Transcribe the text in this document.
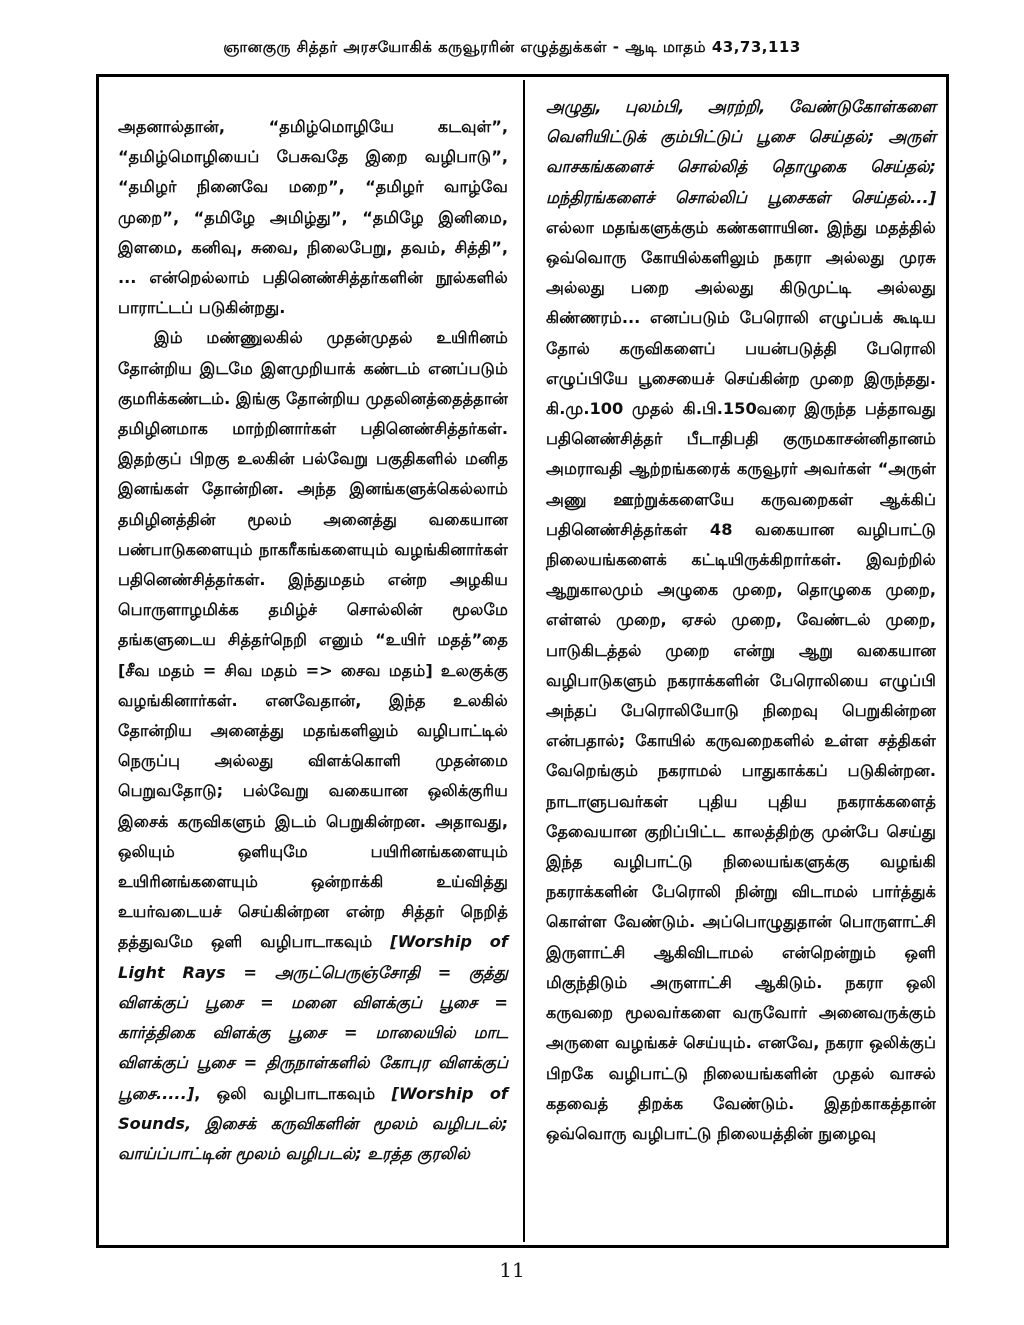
ஞானகுரு சித்தர் அரசயோகிக் கருவூரரின் எழுத்துக்கள் - ஆடி மாதம் 43,73,113

அதனால்தான், “தமிழ்மொழியே கடவுள்”, “தமிழ்மொழியைப் பேசுவதே இறை வழிபாடு”, “தமிழர் நினைவே மறை”, “தமிழர் வாழ்வே முறை”, “தமிழே அமிழ்து”, “தமிழே இனிமை, இளமை, கனிவு, சுவை, நிலைபேறு, தவம், சித்தி”, ... என்றெல்லாம் பதினெண்சித்தர்களின் நூல்களில் பாராட்டப் படுகின்றது.

இம் மண்ணுலகில் முதன்முதல் உயிரினம் தோன்றிய இடமே இளமுறியாக் கண்டம் எனப்படும் குமரிக்கண்டம். இங்கு தோன்றிய முதலினத்தைத்தான் தமிழினமாக மாற்றினார்கள் பதினெண்சித்தர்கள். இதற்குப் பிறகு உலகின் பல்வேறு பகுதிகளில் மனித இனங்கள் தோன்றின. அந்த இனங்களுக்கெல்லாம் தமிழினத்தின் மூலம் அனைத்து வகையான பண்பாடுகளையும் நாகரீகங்களையும் வழங்கினார்கள் பதினெண்சித்தர்கள். இந்துமதம் என்ற அழகிய பொருளாழமிக்க தமிழ்ச் சொல்லின் மூலமே தங்களுடைய சித்தர்நெறி எனும் “உயிர் மதத்”தை [சீவ மதம் = சிவ மதம் => சைவ மதம்] உலகுக்கு வழங்கினார்கள். எனவேதான், இந்த உலகில் தோன்றிய அனைத்து மதங்களிலும் வழிபாட்டில் நெருப்பு அல்லது விளக்கொளி முதன்மை பெறுவதோடு; பல்வேறு வகையான ஒலிக்குரிய இசைக் கருவிகளும் இடம் பெறுகின்றன. அதாவது, ஒலியும் ஒளியுமே பயிரினங்களையும் உயிரினங்களையும் ஒன்றாக்கி உய்வித்து உயர்வடையச் செய்கின்றன என்ற சித்தர் நெறித் தத்துவமே ஒளி வழிபாடாகவும் [Worship of Light Rays = அருட்பெருஞ்சோதி = குத்து விளக்குப் பூசை = மனை விளக்குப் பூசை = கார்த்திகை விளக்கு பூசை = மாலையில் மாட விளக்குப் பூசை = திருநாள்களில் கோபுர விளக்குப் பூசை.....], ஒலி வழிபாடாகவும் [Worship of Sounds, இசைக் கருவிகளின் மூலம் வழிபடல்; வாய்ப்பாட்டின் மூலம் வழிபடல்; உரத்த குரலில்

அழுது, புலம்பி, அரற்றி, வேண்டுகோள்களை வெளியிட்டுக் கும்பிட்டுப் பூசை செய்தல்; அருள் வாசகங்களைச் சொல்லித் தொழுகை செய்தல்; மந்திரங்களைச் சொல்லிப் பூசைகள் செய்தல்...] எல்லா மதங்களுக்கும் கண்களாயின. இந்து மதத்தில் ஒவ்வொரு கோயில்களிலும் நகரா அல்லது முரசு அல்லது பறை அல்லது கிடுமுட்டி அல்லது கிண்ணரம்... எனப்படும் பேரொலி எழுப்பக் கூடிய தோல் கருவிகளைப் பயன்படுத்தி பேரொலி எழுப்பியே பூசையைச் செய்கின்ற முறை இருந்தது. கி.மு.100 முதல் கி.பி.150வரை இருந்த பத்தாவது பதினெண்சித்தர் பீடாதிபதி குருமகாசன்னிதானம் அமராவதி ஆற்றங்கரைக் கருவூரர் அவர்கள் “அருள் அணு ஊற்றுக்களையே கருவறைகள் ஆக்கிப் பதினெண்சித்தர்கள் 48 வகையான வழிபாட்டு நிலையங்களைக் கட்டியிருக்கிறார்கள். இவற்றில் ஆறுகாலமும் அழுகை முறை, தொழுகை முறை, எள்ளல் முறை, ஏசல் முறை, வேண்டல் முறை, பாடுகிடத்தல் முறை என்று ஆறு வகையான வழிபாடுகளும் நகராக்களின் பேரொலியை எழுப்பி அந்தப் பேரொலியோடு நிறைவு பெறுகின்றன என்பதால்; கோயில் கருவறைகளில் உள்ள சத்திகள் வேறெங்கும் நகராமல் பாதுகாக்கப் படுகின்றன. நாடாளுபவர்கள் புதிய புதிய நகராக்களைத் தேவையான குறிப்பிட்ட காலத்திற்கு முன்பே செய்து இந்த வழிபாட்டு நிலையங்களுக்கு வழங்கி நகராக்களின் பேரொலி நின்று விடாமல் பார்த்துக் கொள்ள வேண்டும். அப்பொழுதுதான் பொருளாட்சி இருளாட்சி ஆகிவிடாமல் என்றென்றும் ஒளி மிகுந்திடும் அருளாட்சி ஆகிடும். நகரா ஒலி கருவறை மூலவர்களை வருவோர் அனைவருக்கும் அருளை வழங்கச் செய்யும். எனவே, நகரா ஒலிக்குப் பிறகே வழிபாட்டு நிலையங்களின் முதல் வாசல் கதவைத் திறக்க வேண்டும். இதற்காகத்தான் ஒவ்வொரு வழிபாட்டு நிலையத்தின் நுழைவு

11
